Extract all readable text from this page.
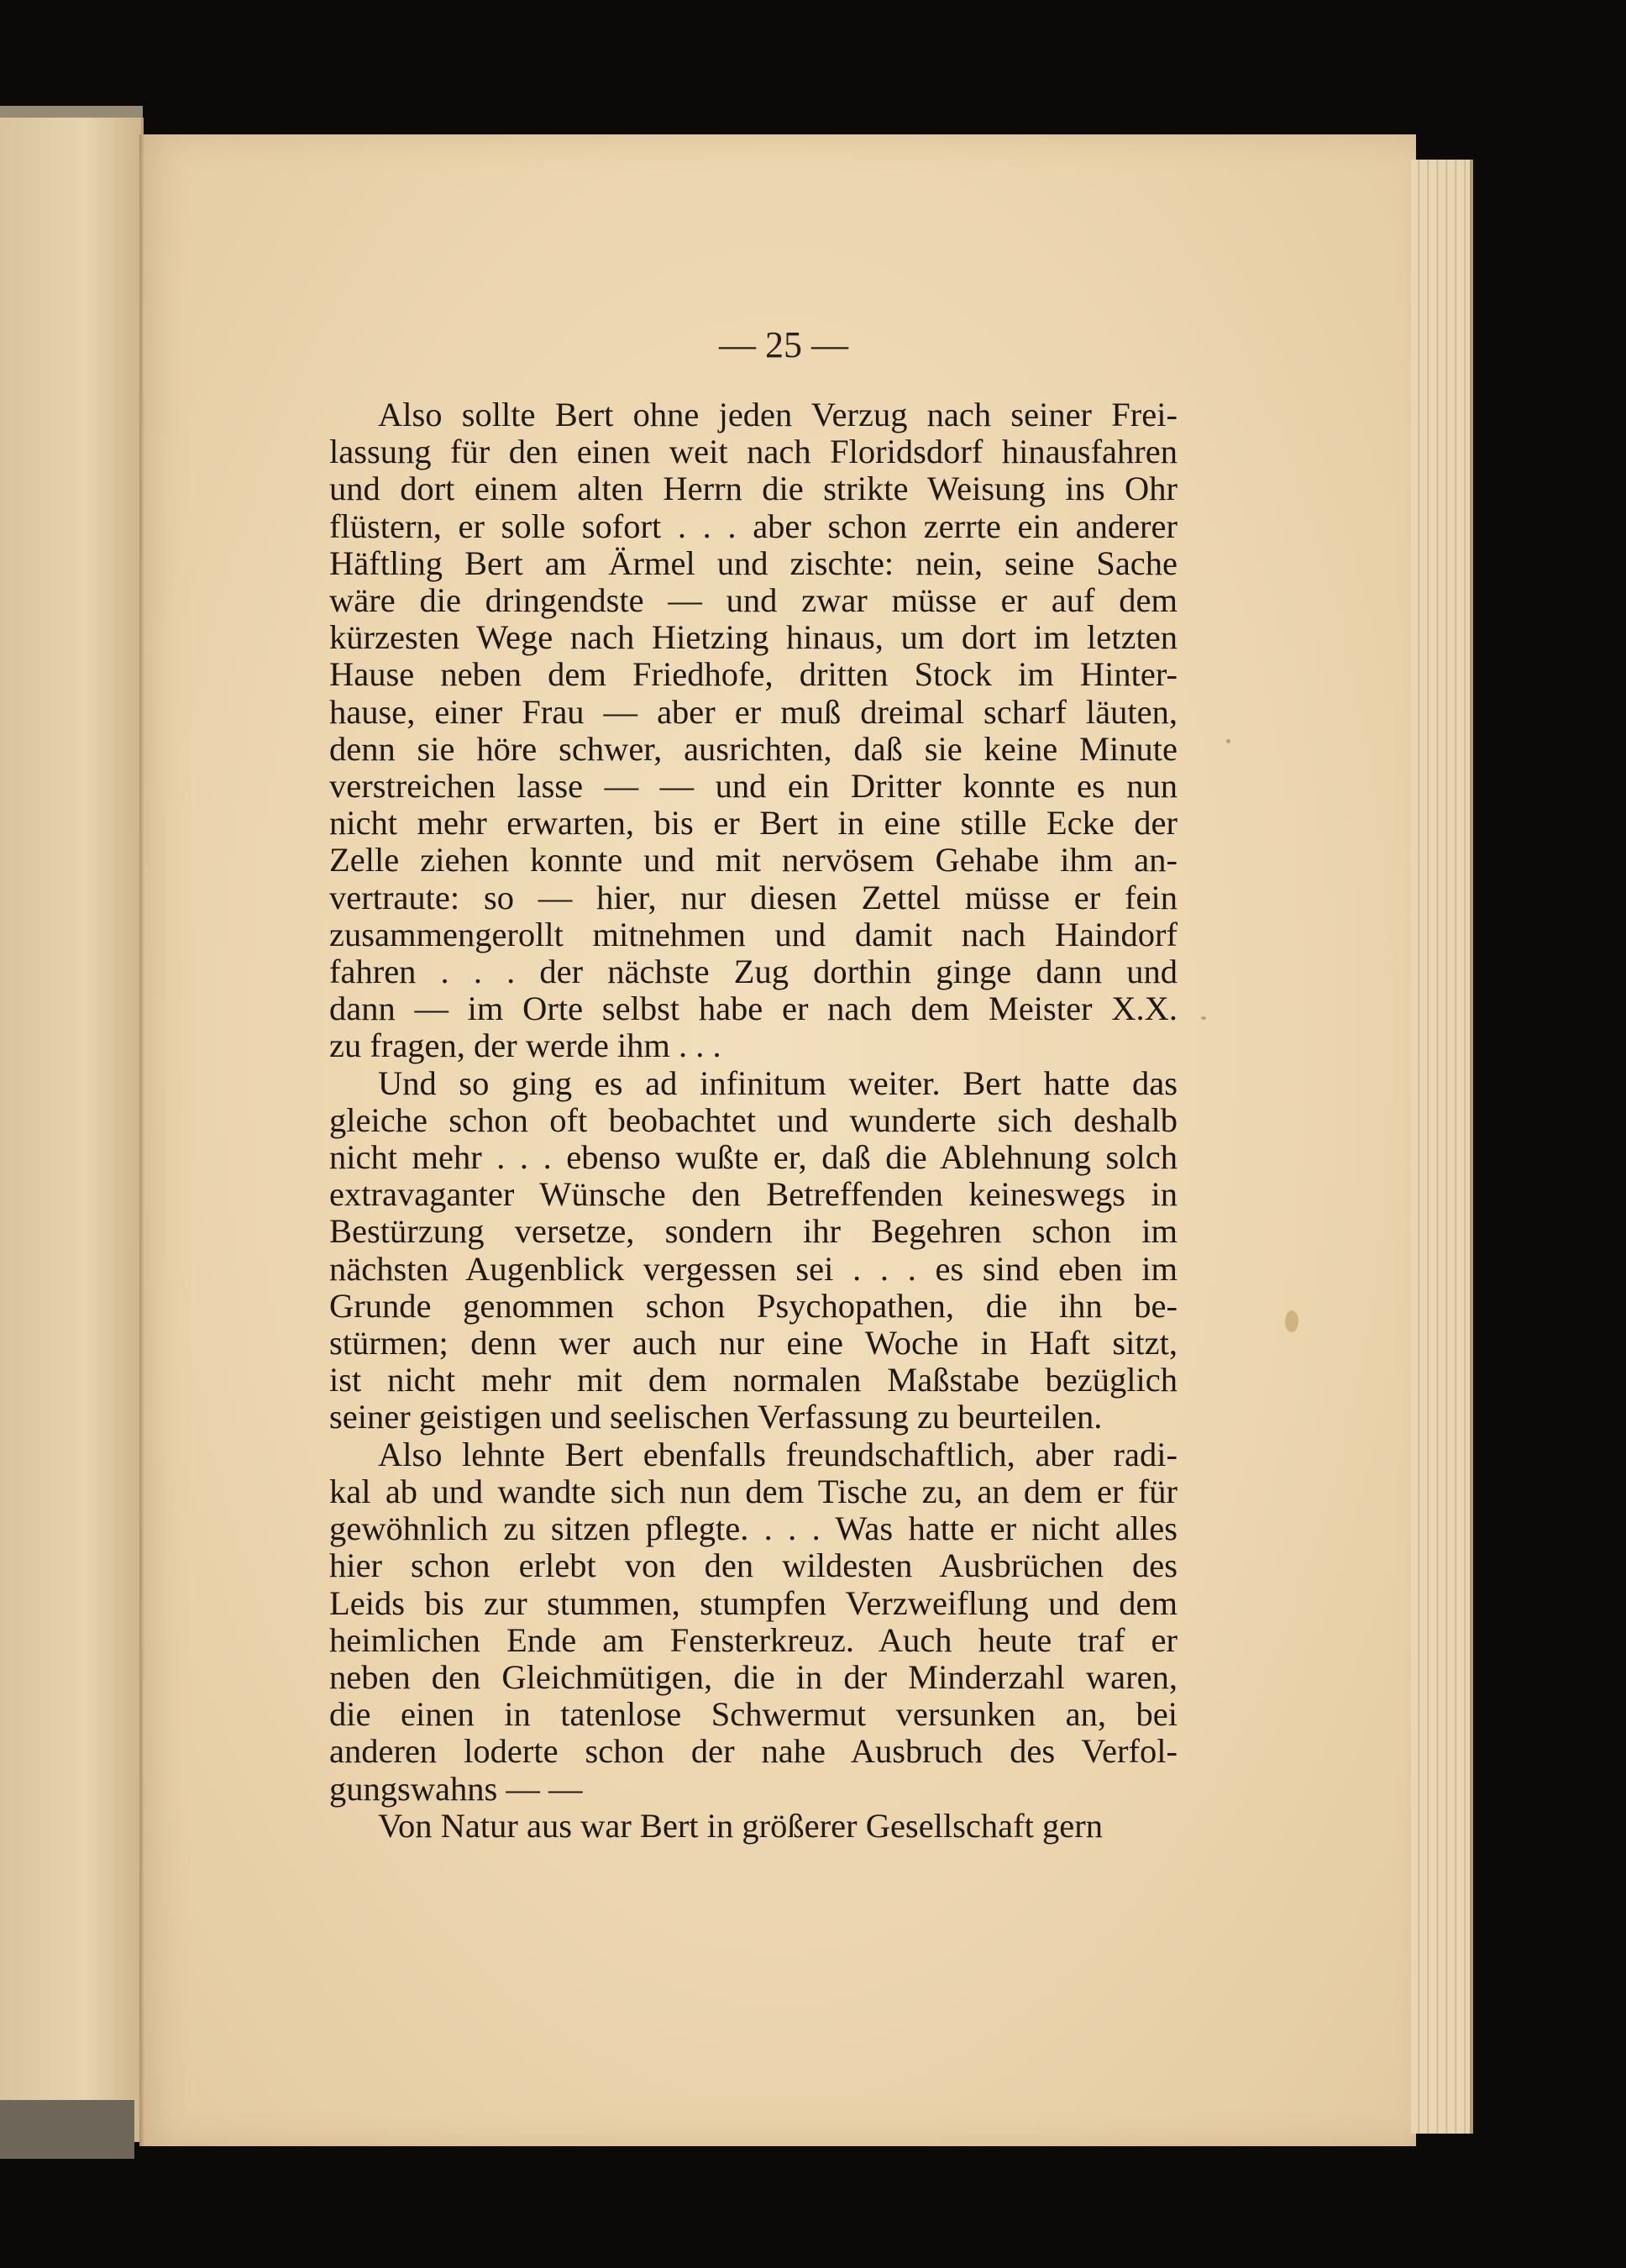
— 25 —
Also sollte Bert ohne jeden Verzug nach seiner Frei-
lassung für den einen weit nach Floridsdorf hinausfahren
und dort einem alten Herrn die strikte Weisung ins Ohr
flüstern, er solle sofort . . . aber schon zerrte ein anderer
Häftling Bert am Ärmel und zischte: nein, seine Sache
wäre die dringendste — und zwar müsse er auf dem
kürzesten Wege nach Hietzing hinaus, um dort im letzten
Hause neben dem Friedhofe, dritten Stock im Hinter-
hause, einer Frau — aber er muß dreimal scharf läuten,
denn sie höre schwer, ausrichten, daß sie keine Minute
verstreichen lasse — — und ein Dritter konnte es nun
nicht mehr erwarten, bis er Bert in eine stille Ecke der
Zelle ziehen konnte und mit nervösem Gehabe ihm an-
vertraute: so — hier, nur diesen Zettel müsse er fein
zusammengerollt mitnehmen und damit nach Haindorf
fahren . . . der nächste Zug dorthin ginge dann und
dann — im Orte selbst habe er nach dem Meister X.X.
zu fragen, der werde ihm . . .
Und so ging es ad infinitum weiter. Bert hatte das
gleiche schon oft beobachtet und wunderte sich deshalb
nicht mehr . . . ebenso wußte er, daß die Ablehnung solch
extravaganter Wünsche den Betreffenden keineswegs in
Bestürzung versetze, sondern ihr Begehren schon im
nächsten Augenblick vergessen sei . . . es sind eben im
Grunde genommen schon Psychopathen, die ihn be-
stürmen; denn wer auch nur eine Woche in Haft sitzt,
ist nicht mehr mit dem normalen Maßstabe bezüglich
seiner geistigen und seelischen Verfassung zu beurteilen.
Also lehnte Bert ebenfalls freundschaftlich, aber radi-
kal ab und wandte sich nun dem Tische zu, an dem er für
gewöhnlich zu sitzen pflegte. . . . Was hatte er nicht alles
hier schon erlebt von den wildesten Ausbrüchen des
Leids bis zur stummen, stumpfen Verzweiflung und dem
heimlichen Ende am Fensterkreuz. Auch heute traf er
neben den Gleichmütigen, die in der Minderzahl waren,
die einen in tatenlose Schwermut versunken an, bei
anderen loderte schon der nahe Ausbruch des Verfol-
gungswahns — —
Von Natur aus war Bert in größerer Gesellschaft gern
